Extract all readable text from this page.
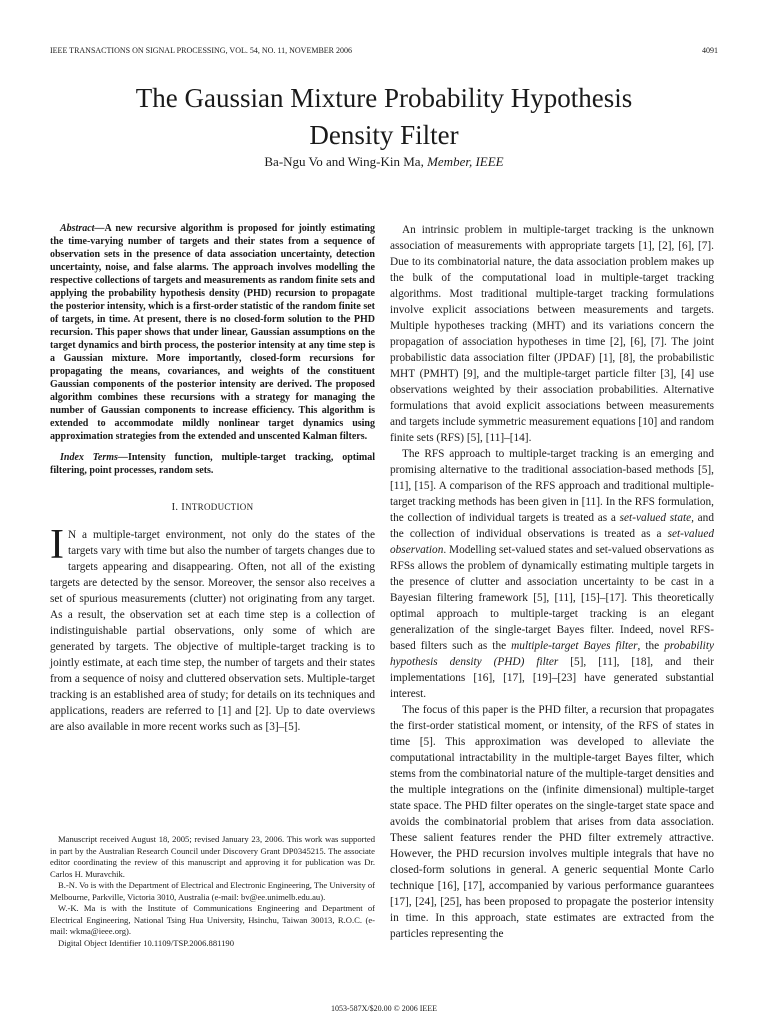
IEEE TRANSACTIONS ON SIGNAL PROCESSING, VOL. 54, NO. 11, NOVEMBER 2006	4091
The Gaussian Mixture Probability Hypothesis
Density Filter
Ba-Ngu Vo and Wing-Kin Ma, Member, IEEE

Abstract—A new recursive algorithm is proposed for jointly estimating the time-varying number of targets and their states from a sequence of observation sets in the presence of data association uncertainty, detection uncertainty, noise, and false alarms. The approach involves modelling the respective collections of targets and measurements as random finite sets and applying the probability hypothesis density (PHD) recursion to propagate the posterior intensity, which is a first-order statistic of the random finite set of targets, in time. At present, there is no closed-form solution to the PHD recursion. This paper shows that under linear, Gaussian assumptions on the target dynamics and birth process, the posterior intensity at any time step is a Gaussian mixture. More importantly, closed-form recursions for propagating the means, covariances, and weights of the constituent Gaussian components of the posterior intensity are derived. The proposed algorithm combines these recursions with a strategy for managing the number of Gaussian components to increase efficiency. This algorithm is extended to accommodate mildly nonlinear target dynamics using approximation strategies from the extended and unscented Kalman filters.

Index Terms—Intensity function, multiple-target tracking, optimal filtering, point processes, random sets.

I. INTRODUCTION

I N a multiple-target environment, not only do the states of the targets vary with time but also the number of targets changes due to targets appearing and disappearing. Often, not all of the existing targets are detected by the sensor. Moreover, the sensor also receives a set of spurious measurements (clutter) not originating from any target. As a result, the observation set at each time step is a collection of indistinguishable partial observations, only some of which are generated by targets. The objective of multiple-target tracking is to jointly estimate, at each time step, the number of targets and their states from a sequence of noisy and cluttered observation sets. Multiple-target tracking is an established area of study; for details on its techniques and applications, readers are referred to [1] and [2]. Up to date overviews are also available in more recent works such as [3]–[5].

Manuscript received August 18, 2005; revised January 23, 2006. This work was supported in part by the Australian Research Council under Discovery Grant DP0345215. The associate editor coordinating the review of this manuscript and approving it for publication was Dr. Carlos H. Muravchik.

B.-N. Vo is with the Department of Electrical and Electronic Engineering, The University of Melbourne, Parkville, Victoria 3010, Australia (e-mail: bv@ee.unimelb.edu.au).

W.-K. Ma is with the Institute of Communications Engineering and Department of Electrical Engineering, National Tsing Hua University, Hsinchu, Taiwan 30013, R.O.C. (e-mail: wkma@ieee.org).

Digital Object Identifier 10.1109/TSP.2006.881190

An intrinsic problem in multiple-target tracking is the unknown association of measurements with appropriate targets [1], [2], [6], [7]. Due to its combinatorial nature, the data association problem makes up the bulk of the computational load in multiple-target tracking algorithms. Most traditional multiple-target tracking formulations involve explicit associations between measurements and targets. Multiple hypotheses tracking (MHT) and its variations concern the propagation of association hypotheses in time [2], [6], [7]. The joint probabilistic data association filter (JPDAF) [1], [8], the probabilistic MHT (PMHT) [9], and the multiple-target particle filter [3], [4] use observations weighted by their association probabilities. Alternative formulations that avoid explicit associations between measurements and targets include symmetric measurement equations [10] and random finite sets (RFS) [5], [11]–[14].

The RFS approach to multiple-target tracking is an emerging and promising alternative to the traditional association-based methods [5], [11], [15]. A comparison of the RFS approach and traditional multiple-target tracking methods has been given in [11]. In the RFS formulation, the collection of individual targets is treated as a set-valued state, and the collection of individual observations is treated as a set-valued observation. Modelling set-valued states and set-valued observations as RFSs allows the problem of dynamically estimating multiple targets in the presence of clutter and association uncertainty to be cast in a Bayesian filtering framework [5], [11], [15]–[17]. This theoretically optimal approach to multiple-target tracking is an elegant generalization of the single-target Bayes filter. Indeed, novel RFS-based filters such as the multiple-target Bayes filter, the probability hypothesis density (PHD) filter [5], [11], [18], and their implementations [16], [17], [19]–[23] have generated substantial interest.

The focus of this paper is the PHD filter, a recursion that propagates the first-order statistical moment, or intensity, of the RFS of states in time [5]. This approximation was developed to alleviate the computational intractability in the multiple-target Bayes filter, which stems from the combinatorial nature of the multiple-target densities and the multiple integrations on the (infinite dimensional) multiple-target state space. The PHD filter operates on the single-target state space and avoids the combinatorial problem that arises from data association. These salient features render the PHD filter extremely attractive. However, the PHD recursion involves multiple integrals that have no closed-form solutions in general. A generic sequential Monte Carlo technique [16], [17], accompanied by various performance guarantees [17], [24], [25], has been proposed to propagate the posterior intensity in time. In this approach, state estimates are extracted from the particles representing the

1053-587X/$20.00 © 2006 IEEE
